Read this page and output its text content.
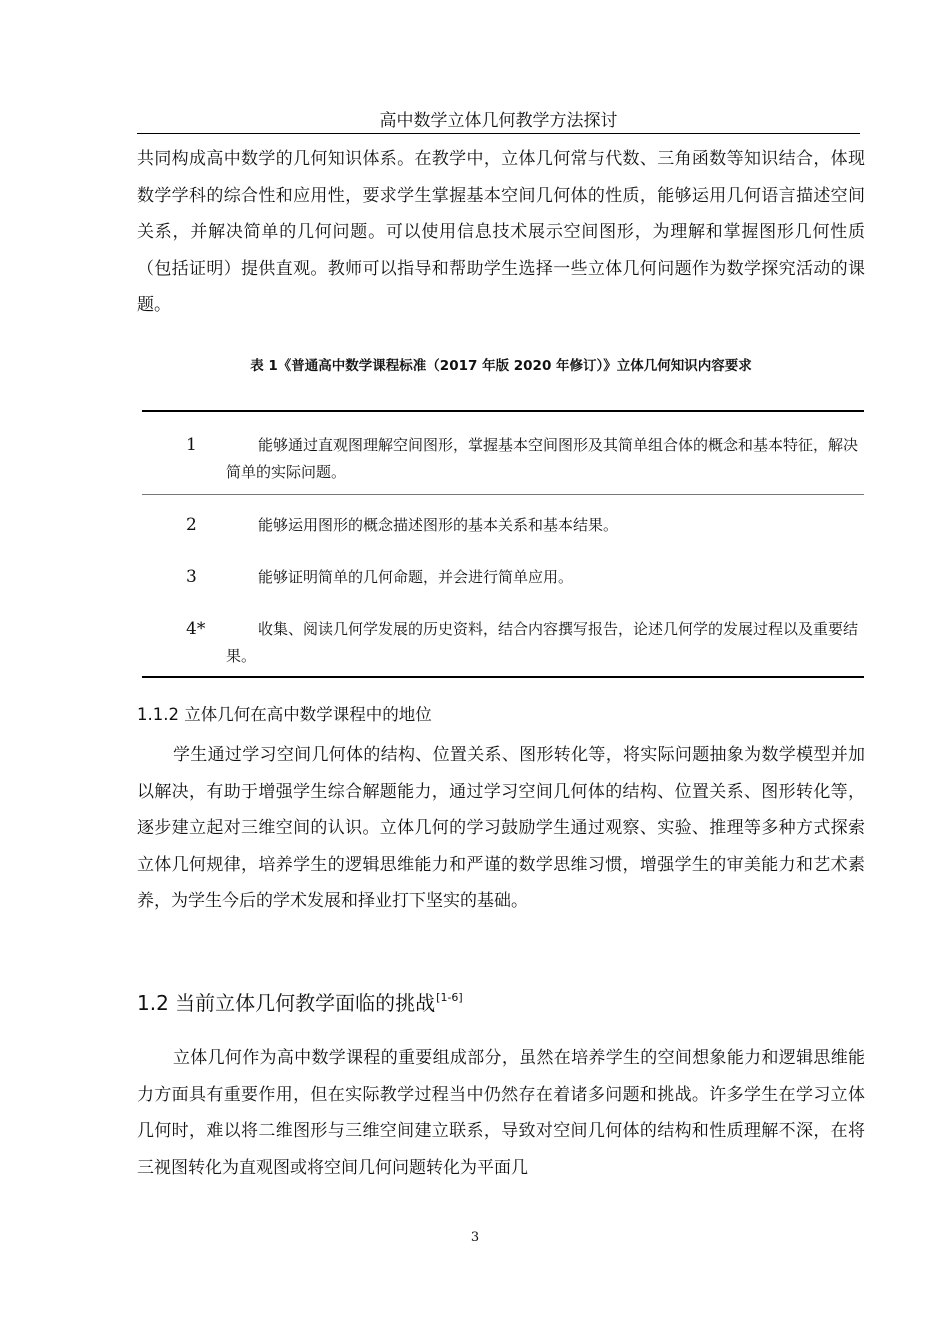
高中数学立体几何教学方法探讨

共同构成高中数学的几何知识体系。在教学中，立体几何常与代数、三角函数等知识结合，体现数学学科的综合性和应用性，要求学生掌握基本空间几何体的性质，能够运用几何语言描述空间关系，并解决简单的几何问题。可以使用信息技术展示空间图形，为理解和掌握图形几何性质（包括证明）提供直观。教师可以指导和帮助学生选择一些立体几何问题作为数学探究活动的课题。

表 1《普通高中数学课程标准（2017 年版 2020 年修订）》立体几何知识内容要求
1	能够通过直观图理解空间图形，掌握基本空间图形及其简单组合体的概念和基本特征，解决简单的实际问题。
2	能够运用图形的概念描述图形的基本关系和基本结果。
3	能够证明简单的几何命题，并会进行简单应用。
4*	收集、阅读几何学发展的历史资料，结合内容撰写报告，论述几何学的发展过程以及重要结果。
1.1.2 立体几何在高中数学课程中的地位

学生通过学习空间几何体的结构、位置关系、图形转化等，将实际问题抽象为数学模型并加以解决，有助于增强学生综合解题能力，通过学习空间几何体的结构、位置关系、图形转化等，逐步建立起对三维空间的认识。立体几何的学习鼓励学生通过观察、实验、推理等多种方式探索立体几何规律，培养学生的逻辑思维能力和严谨的数学思维习惯，增强学生的审美能力和艺术素养，为学生今后的学术发展和择业打下坚实的基础。

1.2 当前立体几何教学面临的挑战[1-6]

立体几何作为高中数学课程的重要组成部分，虽然在培养学生的空间想象能力和逻辑思维能力方面具有重要作用，但在实际教学过程当中仍然存在着诸多问题和挑战。许多学生在学习立体几何时，难以将二维图形与三维空间建立联系，导致对空间几何体的结构和性质理解不深，在将三视图转化为直观图或将空间几何问题转化为平面几

3
